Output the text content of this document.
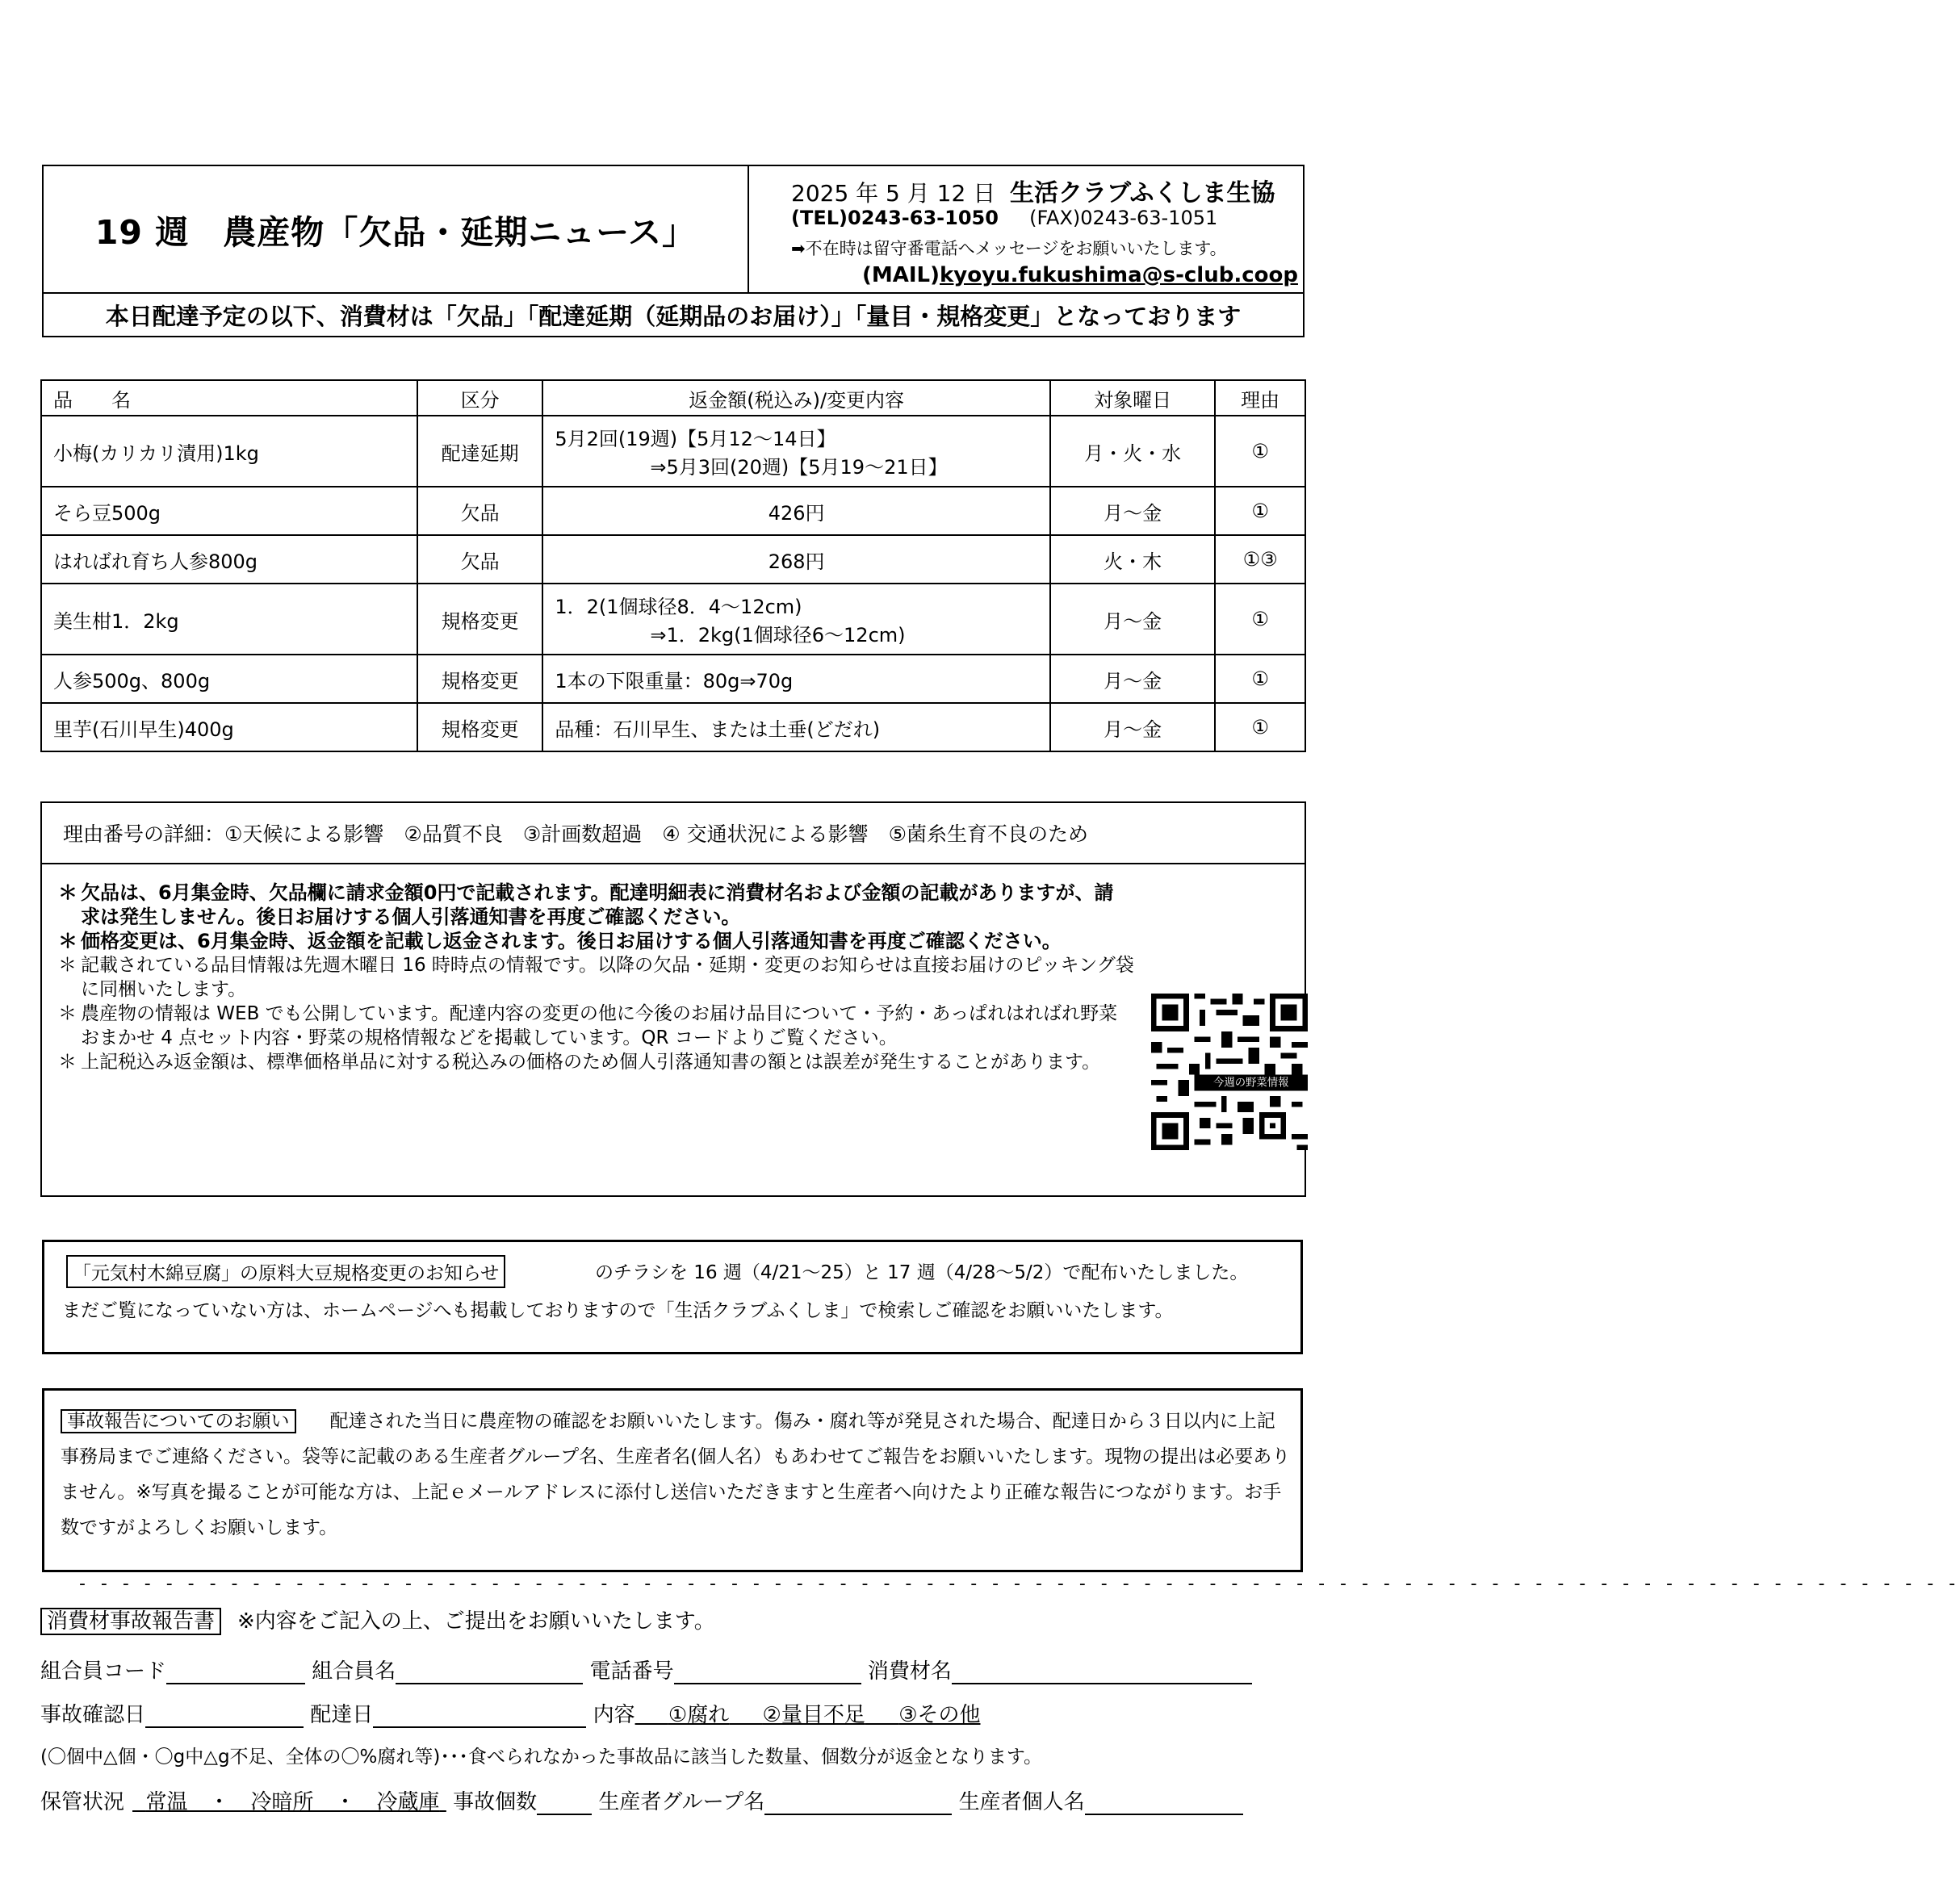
19 週　農産物「欠品・延期ニュース」
2025 年 5 月 12 日 生活クラブふくしま生協
(TEL)0243-63-1050 (FAX)0243-63-1051
➡不在時は留守番電話へメッセージをお願いいたします。
(MAIL)kyoyu.fukushima@s-club.coop
本日配達予定の以下、消費材は「欠品」「配達延期（延期品のお届け）」「量目・規格変更」となっております
品　　名	区分	返金額(税込み)/変更内容	対象曜日	理由
小梅(カリカリ漬用)1kg	配達延期	5月2回(19週)【5月12～14日】
⇒5月3回(20週)【5月19～21日】	月・火・水	①
そら豆500g	欠品	426円	月～金	①
はればれ育ち人参800g	欠品	268円	火・木	①③
美生柑1．2kg	規格変更	1．2(1個球径8．4～12cm)
⇒1．2kg(1個球径6～12cm)	月～金	①
人参500g、800g	規格変更	1本の下限重量：80g⇒70g	月～金	①
里芋(石川早生)400g	規格変更	品種：石川早生、または土垂(どだれ)	月～金	①
理由番号の詳細：①天候による影響　②品質不良　③計画数超過　④ 交通状況による影響　⑤菌糸生育不良のため
＊ 欠品は、6月集金時、欠品欄に請求金額0円で記載されます。配達明細表に消費材名および金額の記載がありますが、請求は発生しません。後日お届けする個人引落通知書を再度ご確認ください。
＊ 価格変更は、6月集金時、返金額を記載し返金されます。後日お届けする個人引落通知書を再度ご確認ください。
＊ 記載されている品目情報は先週木曜日 16 時時点の情報です。以降の欠品・延期・変更のお知らせは直接お届けのピッキング袋に同梱いたします。
＊ 農産物の情報は WEB でも公開しています。配達内容の変更の他に今後のお届け品目について・予約・あっぱれはればれ野菜おまかせ 4 点セット内容・野菜の規格情報などを掲載しています。QR コードよりご覧ください。
＊ 上記税込み返金額は、標準価格単品に対する税込みの価格のため個人引落通知書の額とは誤差が発生することがあります。
今週の野菜情報
「元気村木綿豆腐」の原料大豆規格変更のお知らせ	のチラシを 16 週（4/21～25）と 17 週（4/28～5/2）で配布いたしました。
まだご覧になっていない方は、ホームページへも掲載しておりますので「生活クラブふくしま」で検索しご確認をお願いいたします。
事故報告についてのお願い 配達された当日に農産物の確認をお願いいたします。傷み・腐れ等が発見された場合、配達日から３日以内に上記事務局までご連絡ください。袋等に記載のある生産者グループ名、生産者名(個人名）もあわせてご報告をお願いいたします。現物の提出は必要ありません。※写真を撮ることが可能な方は、上記ｅメールアドレスに添付し送信いただきますと生産者へ向けたより正確な報告につながります。お手数ですがよろしくお願いします。
- - - - - - - - - - - - - - - - - - - - - - - - - - - - - - - - - - - - - - - - - - - - - - - - - - - - - - - - - - - - - - - - - - - - - - - - - - - - - - - - - - - - - - -
消費材事故報告書 ※内容をご記入の上、ご提出をお願いいたします。
組合員コード	組合員名	電話番号	消費材名
事故確認日	配達日	内容 ①腐れ ②量目不足 ③その他
(〇個中△個・〇g中△g不足、全体の〇%腐れ等)･･･食べられなかった事故品に該当した数量、個数分が返金となります。
保管状況 常温　・　冷暗所　・　冷蔵庫 事故個数	生産者グループ名	生産者個人名
